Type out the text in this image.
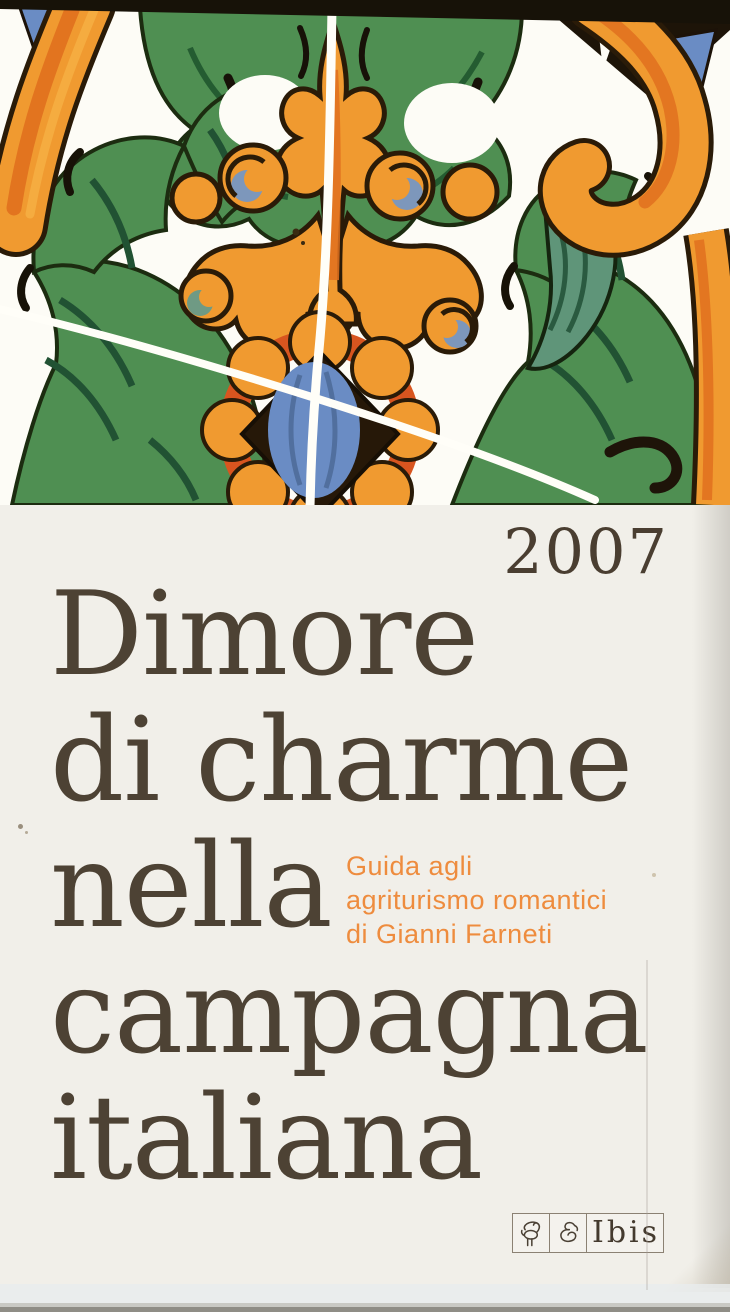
2007
Dimore
di charme
nella
campagna
italiana
Guida agli
agriturismo romantici
di Gianni Farneti
Ibis
